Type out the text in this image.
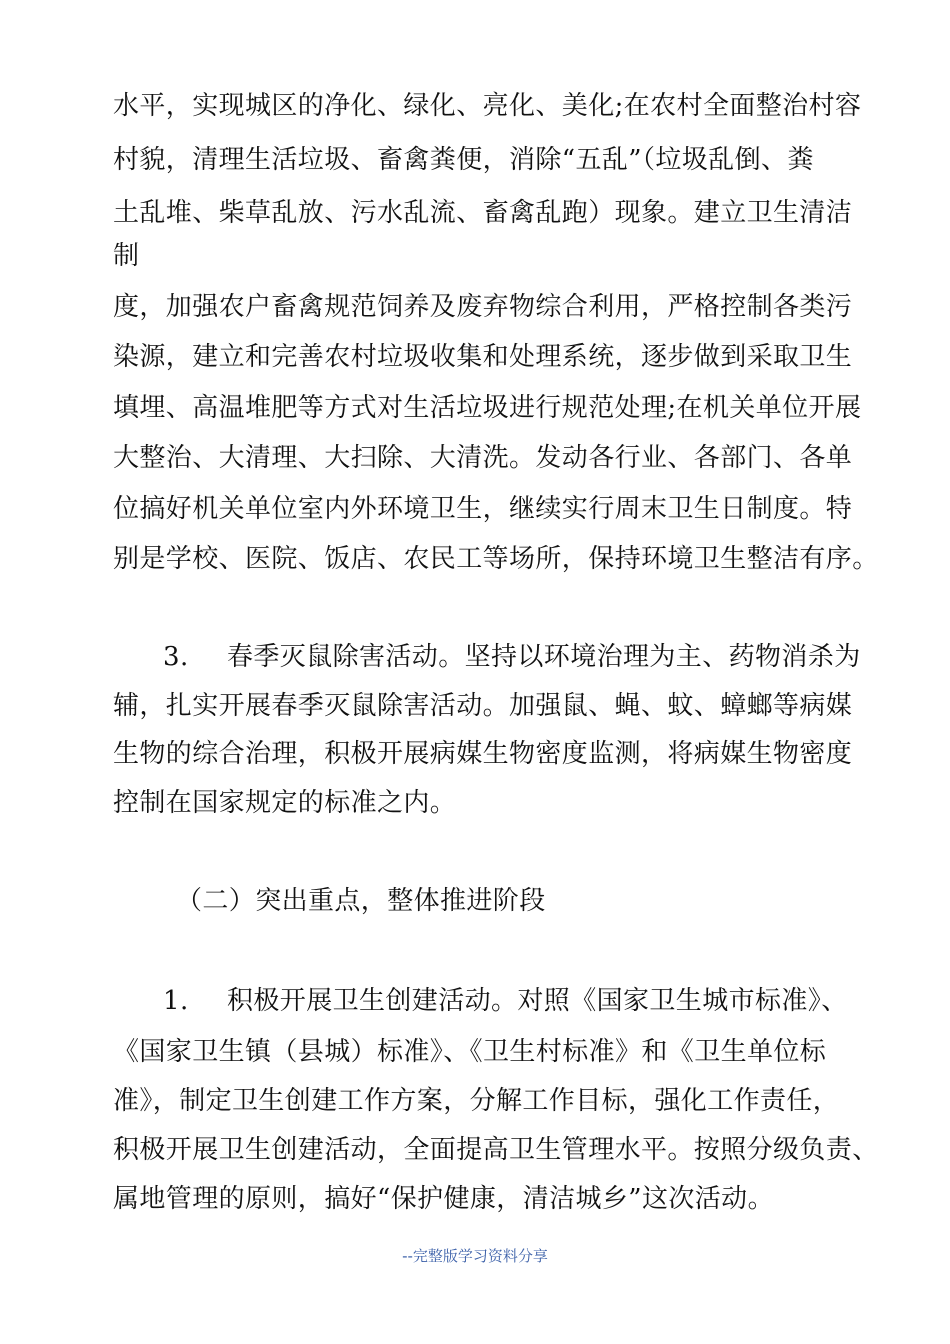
水平，实现城区的净化、绿化、亮化、美化;在农村全面整治村容
村貌，清理生活垃圾、畜禽粪便，消除“五乱”（垃圾乱倒、粪
土乱堆、柴草乱放、污水乱流、畜禽乱跑）现象。建立卫生清洁
制
度，加强农户畜禽规范饲养及废弃物综合利用，严格控制各类污
染源，建立和完善农村垃圾收集和处理系统，逐步做到采取卫生
填埋、高温堆肥等方式对生活垃圾进行规范处理;在机关单位开展
大整治、大清理、大扫除、大清洗。发动各行业、各部门、各单
位搞好机关单位室内外环境卫生，继续实行周末卫生日制度。特
别是学校、医院、饭店、农民工等场所，保持环境卫生整洁有序。
3. 春季灭鼠除害活动。坚持以环境治理为主、药物消杀为
辅，扎实开展春季灭鼠除害活动。加强鼠、蝇、蚊、蟑螂等病媒
生物的综合治理，积极开展病媒生物密度监测，将病媒生物密度
控制在国家规定的标准之内。
（二）突出重点，整体推进阶段
1. 积极开展卫生创建活动。对照《国家卫生城市标准》、
《国家卫生镇（县城）标准》、《卫生村标准》和《卫生单位标
准》，制定卫生创建工作方案，分解工作目标，强化工作责任，
积极开展卫生创建活动，全面提高卫生管理水平。按照分级负责、
属地管理的原则，搞好“保护健康，清洁城乡”这次活动。
--完整版学习资料分享
